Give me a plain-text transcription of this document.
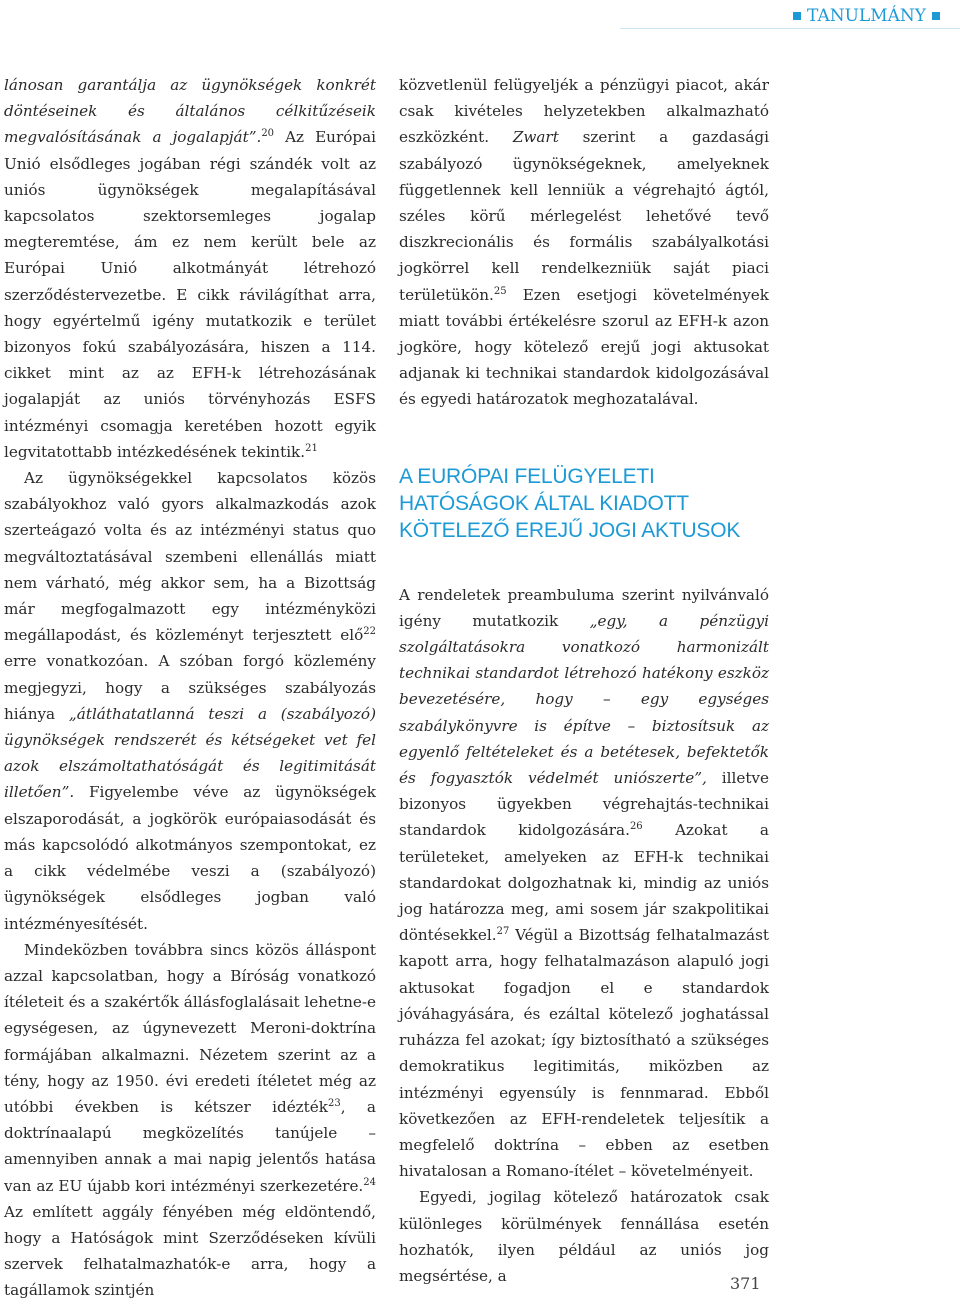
TANULMÁNY

lánosan garantálja az ügynökségek konkrét döntéseinek és általános célkitűzéseik megvalósításának a jogalapját”.$^{20}$ Az Európai Unió elsődleges jogában régi szándék volt az uniós ügynökségek megalapításával kapcsolatos szektorsemleges jogalap megteremtése, ám ez nem került bele az Európai Unió alkotmányát létrehozó szerződéstervezetbe. E cikk rávilágíthat arra, hogy egyértelmű igény mutatkozik e terület bizonyos fokú szabályozására, hiszen a 114. cikket mint az az EFH-k létrehozásának jogalapját az uniós törvényhozás ESFS intézményi csomagja keretében hozott egyik legvitatottabb intézkedésének tekintik.$^{21}$

Az ügynökségekkel kapcsolatos közös szabályokhoz való gyors alkalmazkodás azok szerteágazó volta és az intézményi status quo megváltoztatásával szembeni ellenállás miatt nem várható, még akkor sem, ha a Bizottság már megfogalmazott egy intézményközi megállapodást, és közleményt terjesztett elő$^{22}$ erre vonatkozóan. A szóban forgó közlemény megjegyzi, hogy a szükséges szabályozás hiánya „átláthatatlanná teszi a (szabályozó) ügynökségek rendszerét és kétségeket vet fel azok elszámoltathatóságát és legitimitását illetően”. Figyelembe véve az ügynökségek elszaporodását, a jogkörök európaiasodását és más kapcsolódó alkotmányos szempontokat, ez a cikk védelmébe veszi a (szabályozó) ügynökségek elsődleges jogban való intézményesítését.

Mindeközben továbbra sincs közös álláspont azzal kapcsolatban, hogy a Bíróság vonatkozó ítéleteit és a szakértők állásfoglalásait lehetne-e egységesen, az úgynevezett Meroni-doktrína formájában alkalmazni. Nézetem szerint az a tény, hogy az 1950. évi eredeti ítéletet még az utóbbi években is kétszer idézték$^{23}$, a doktrínaalapú megközelítés tanújele – amennyiben annak a mai napig jelentős hatása van az EU újabb kori intézményi szerkezetére.$^{24}$ Az említett aggály fényében még eldöntendő, hogy a Hatóságok mint Szerződéseken kívüli szervek felhatalmazhatók-e arra, hogy a tagállamok szintjén

közvetlenül felügyeljék a pénzügyi piacot, akár csak kivételes helyzetekben alkalmazható eszközként. Zwart szerint a gazdasági szabályozó ügynökségeknek, amelyeknek függetlennek kell lenniük a végrehajtó ágtól, széles körű mérlegelést lehetővé tevő diszkrecionális és formális szabályalkotási jogkörrel kell rendelkezniük saját piaci területükön.$^{25}$ Ezen esetjogi követelmények miatt további értékelésre szorul az EFH-k azon jogköre, hogy kötelező erejű jogi aktusokat adjanak ki technikai standardok kidolgozásával és egyedi határozatok meghozatalával.

A EURÓPAI FELÜGYELETI HATÓSÁGOK ÁLTAL KIADOTT KÖTELEZŐ EREJŰ JOGI AKTUSOK

A rendeletek preambuluma szerint nyilvánvaló igény mutatkozik „egy, a pénzügyi szolgáltatásokra vonatkozó harmonizált technikai standardot létrehozó hatékony eszköz bevezetésére, hogy – egy egységes szabálykönyvre is építve – biztosítsuk az egyenlő feltételeket és a betétesek, befektetők és fogyasztók védelmét uniószerte”, illetve bizonyos ügyekben végrehajtás-technikai standardok kidolgozására.$^{26}$ Azokat a területeket, amelyeken az EFH-k technikai standardokat dolgozhatnak ki, mindig az uniós jog határozza meg, ami sosem jár szakpolitikai döntésekkel.$^{27}$ Végül a Bizottság felhatalmazást kapott arra, hogy felhatalmazáson alapuló jogi aktusokat fogadjon el e standardok jóváhagyására, és ezáltal kötelező joghatással ruházza fel azokat; így biztosítható a szükséges demokratikus legitimitás, miközben az intézményi egyensúly is fennmarad. Ebből következően az EFH-rendeletek teljesítik a megfelelő doktrína – ebben az esetben hivatalosan a Romano-ítélet – követelményeit.

Egyedi, jogilag kötelező határozatok csak különleges körülmények fennállása esetén hozhatók, ilyen például az uniós jog megsértése, a	371
